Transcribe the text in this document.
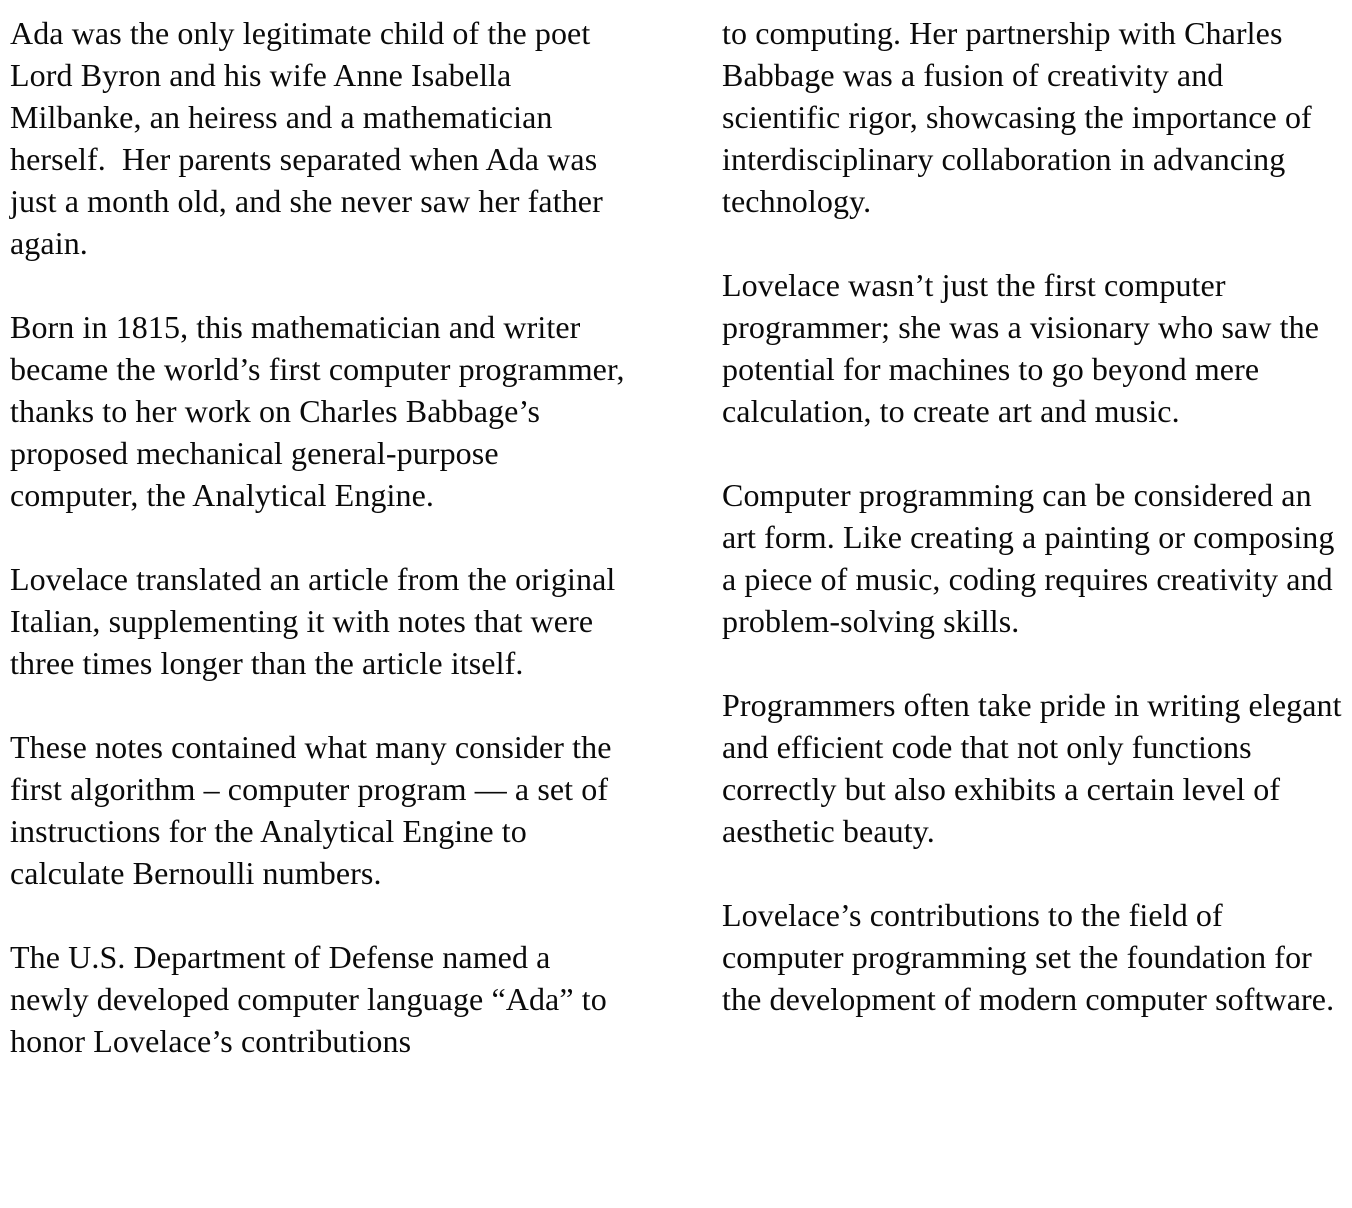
Ada was the only legitimate child of the poet Lord Byron and his wife Anne Isabella Milbanke, an heiress and a mathematician herself.  Her parents separated when Ada was just a month old, and she never saw her father again.

Born in 1815, this mathematician and writer became the world’s first computer programmer, thanks to her work on Charles Babbage’s proposed mechanical general-purpose computer, the Analytical Engine.

Lovelace translated an article from the original Italian, supplementing it with notes that were three times longer than the article itself.

These notes contained what many consider the first algorithm – computer program — a set of instructions for the Analytical Engine to calculate Bernoulli numbers.

The U.S. Department of Defense named a newly developed computer language “Ada” to honor Lovelace’s contributions

to computing. Her partnership with Charles Babbage was a fusion of creativity and scientific rigor, showcasing the importance of interdisciplinary collaboration in advancing technology.

Lovelace wasn’t just the first computer programmer; she was a visionary who saw the potential for machines to go beyond mere calculation, to create art and music.

Computer programming can be considered an art form. Like creating a painting or composing a piece of music, coding requires creativity and problem-solving skills.

Programmers often take pride in writing elegant and efficient code that not only functions correctly but also exhibits a certain level of aesthetic beauty.

Lovelace’s contributions to the field of computer programming set the foundation for the development of modern computer software.
